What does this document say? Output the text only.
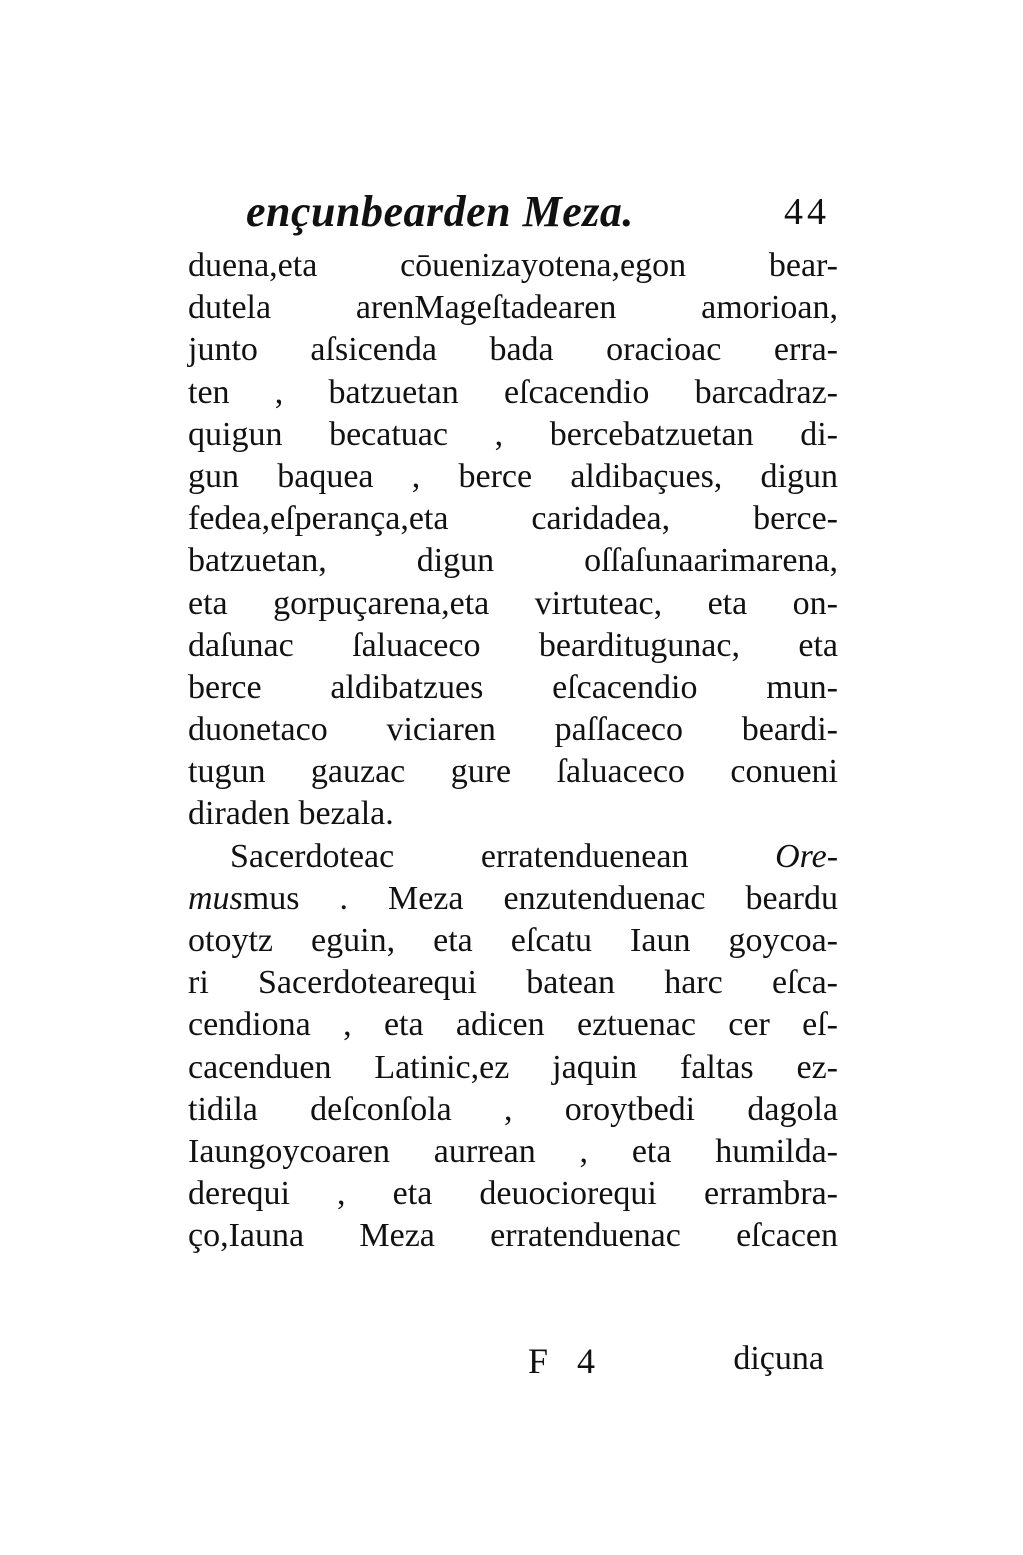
ençunbearden Meza.	44
duena,eta cōuenizayotena,egon bear-
dutela arenMageſtadearen amorioan,
junto aſsicenda bada oracioac erra-
ten , batzuetan eſcacendio barcadraz-
quigun becatuac , bercebatzuetan di-
gun baquea , berce aldibaçues, digun
fedea,eſperança,eta caridadea, berce-
batzuetan, digun oſſaſunaarimarena,
eta gorpuçarena,eta virtuteac, eta on-
daſunac ſaluaceco bearditugunac, eta
berce aldibatzues eſcacendio mun-
duonetaco viciaren paſſaceco beardi-
tugun gauzac gure ſaluaceco conueni
diraden bezala.
Sacerdoteac erratenduenean	Ore-
musmus . Meza enzutenduenac beardu
otoytz eguin, eta eſcatu Iaun goycoa-
ri Sacerdotearequi batean harc eſca-
cendiona , eta adicen eztuenac cer eſ-
cacenduen Latinic,ez jaquin faltas ez-
tidila deſconſola , oroytbedi dagola
Iaungoycoaren aurrean , eta humilda-
derequi , eta deuociorequi errambra-
ço,Iauna Meza erratenduenac eſcacen
F 4	diçuna
